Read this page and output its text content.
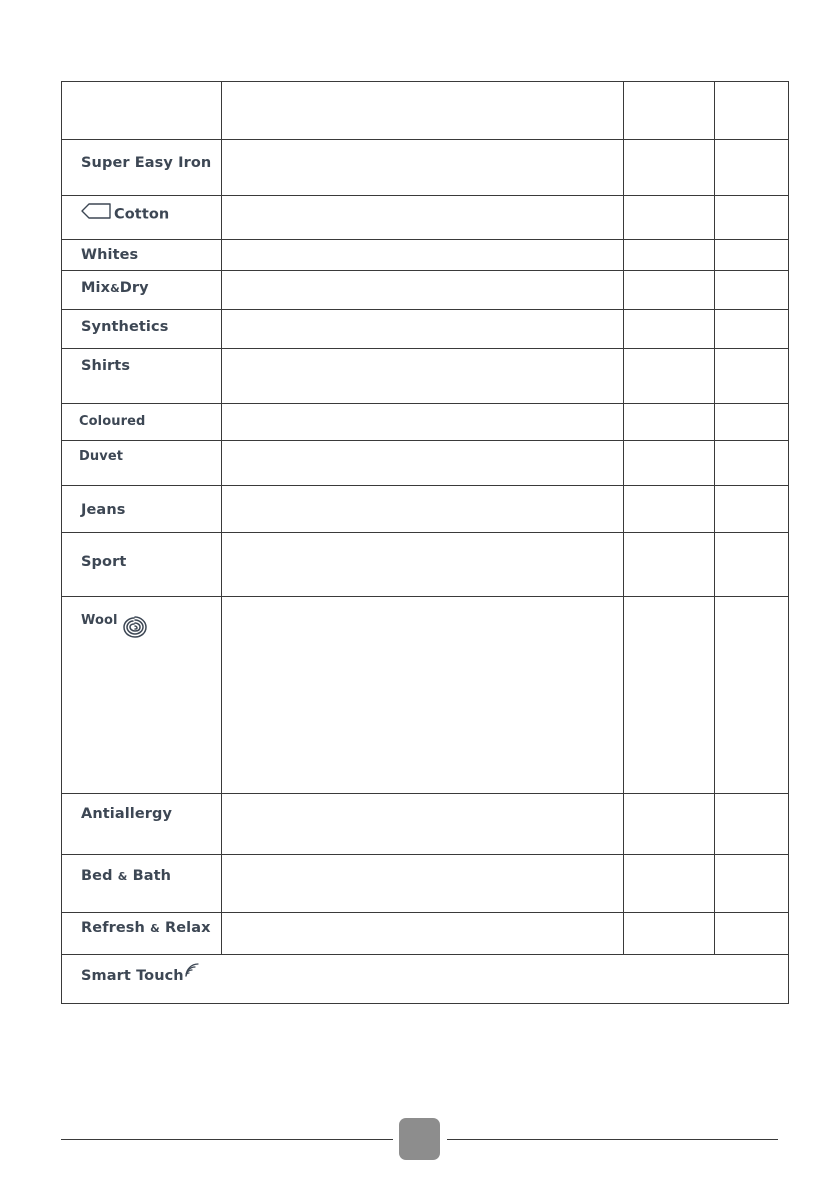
Super Easy Iron
Cotton
Whites
Mix&Dry
Synthetics
Shirts
Coloured
Duvet
Jeans
Sport
Wool
Antiallergy
Bed & Bath
Refresh & Relax
Smart Touch
